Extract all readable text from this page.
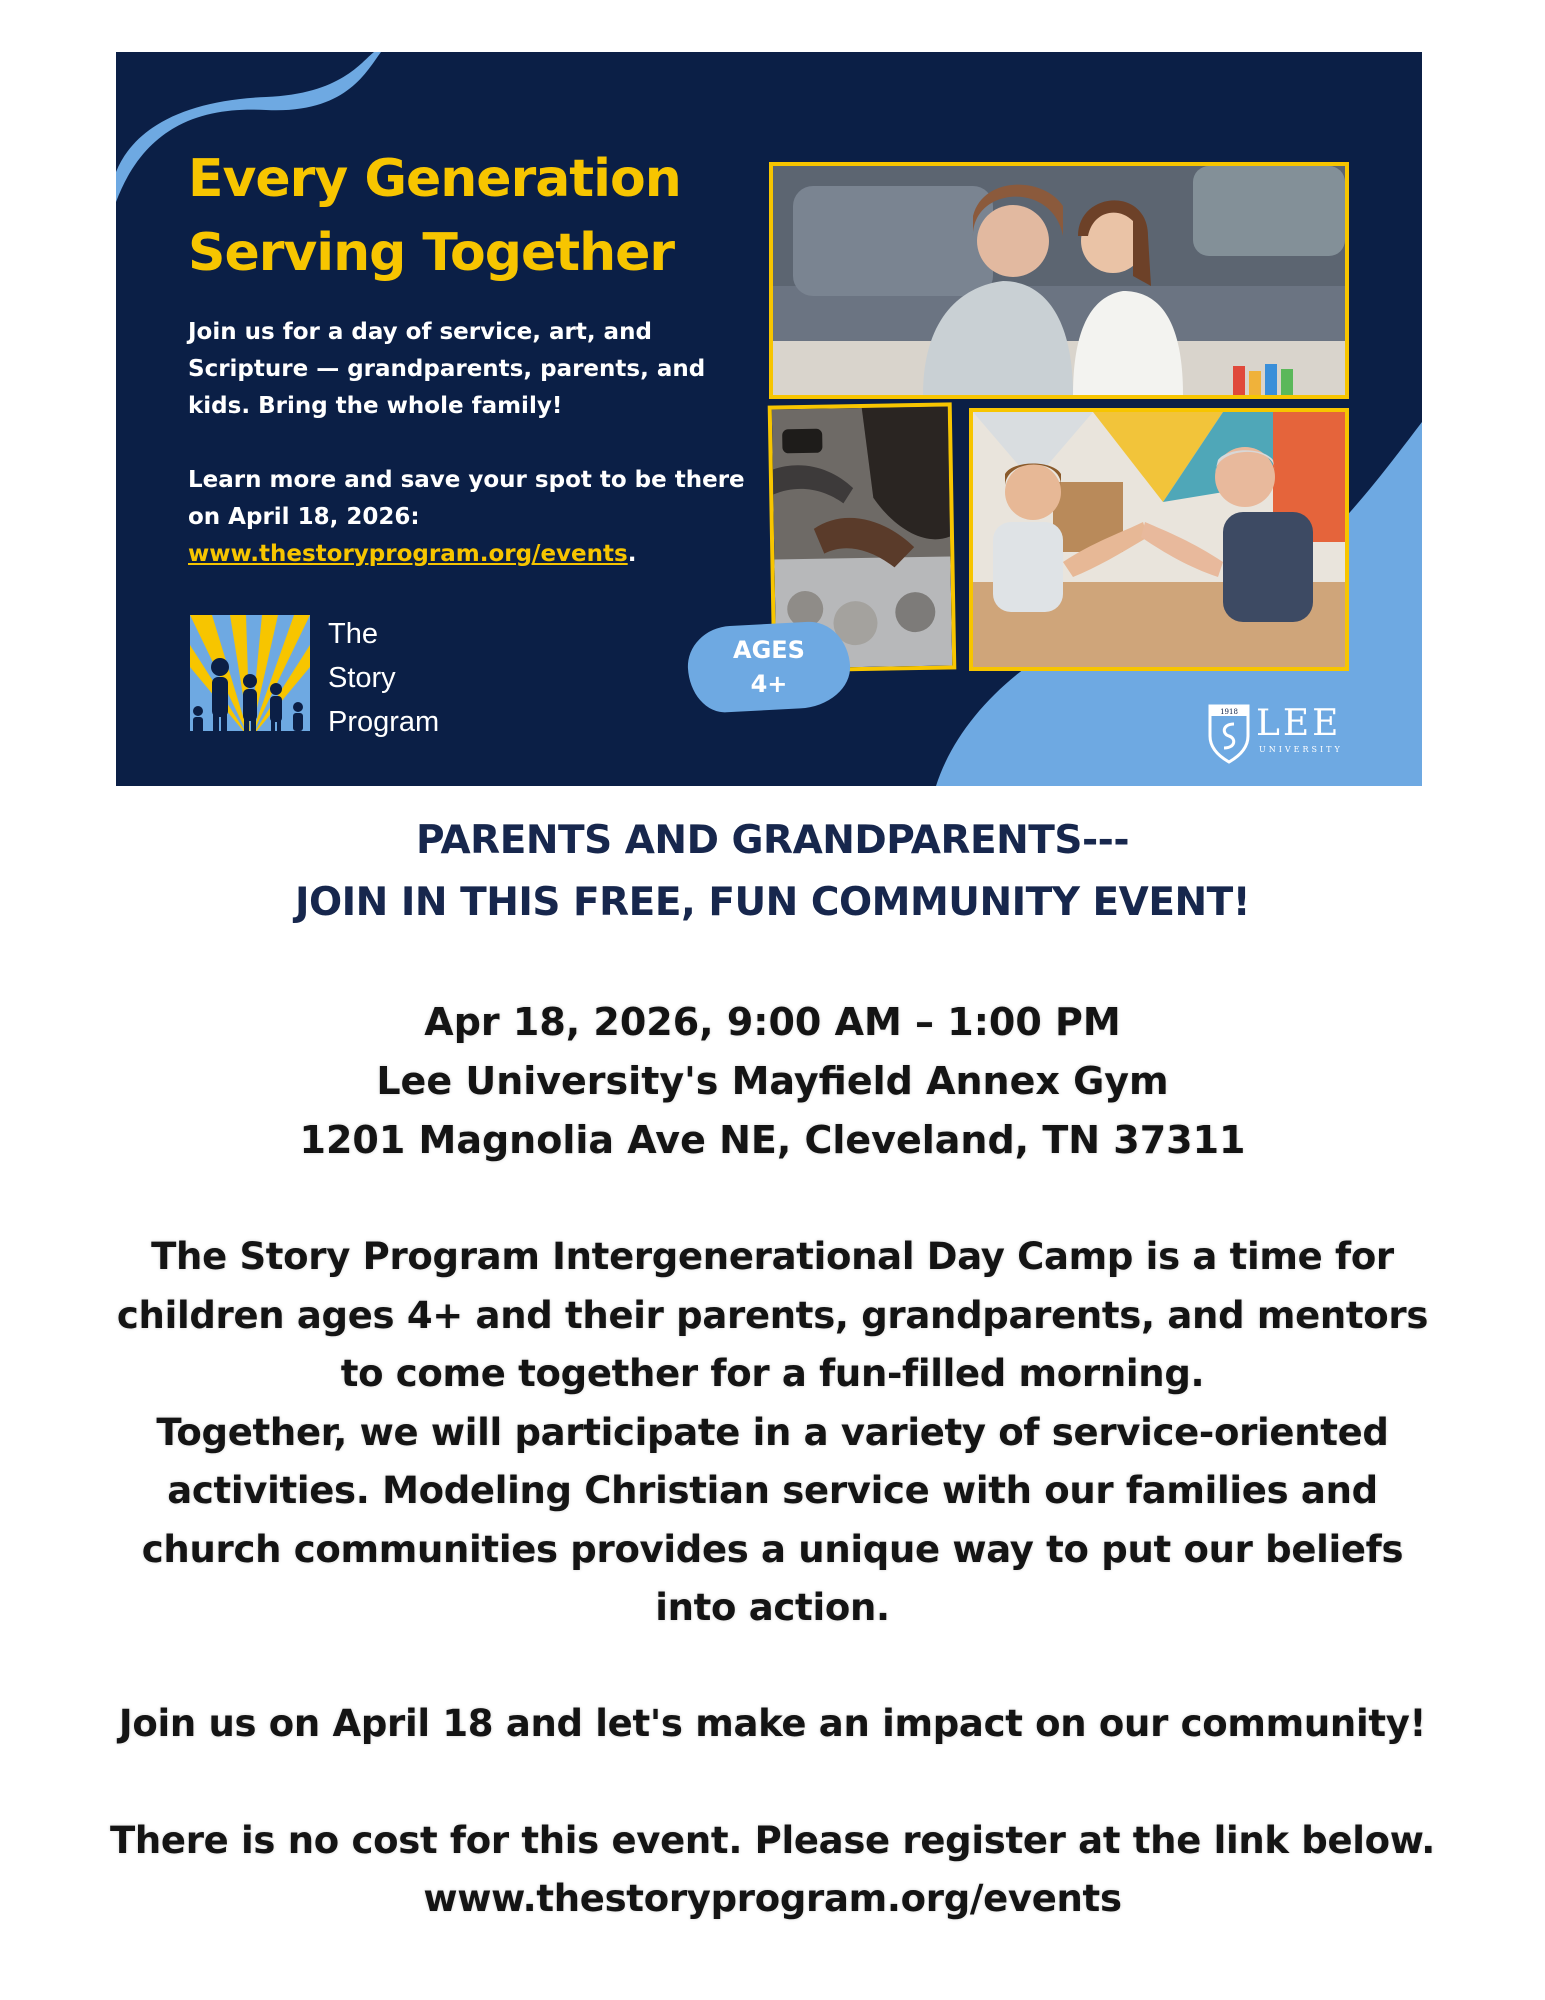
Every Generation
Serving Together

Join us for a day of service, art, and Scripture — grandparents, parents, and kids. Bring the whole family!

Learn more and save your spot to be there on April 18, 2026: www.thestoryprogram.org/events.

The
Story
Program
AGES
4+
1918 LEE
UNIVERSITY
PARENTS AND GRANDPARENTS---
JOIN IN THIS FREE, FUN COMMUNITY EVENT!
Apr 18, 2026, 9:00 AM – 1:00 PM
Lee University's Mayfield Annex Gym
1201 Magnolia Ave NE, Cleveland, TN 37311
The Story Program Intergenerational Day Camp is a time for
children ages 4+ and their parents, grandparents, and mentors
to come together for a fun-filled morning.
Together, we will participate in a variety of service-oriented
activities. Modeling Christian service with our families and
church communities provides a unique way to put our beliefs
into action.

Join us on April 18 and let's make an impact on our community!

There is no cost for this event. Please register at the link below.
www.thestoryprogram.org/events
